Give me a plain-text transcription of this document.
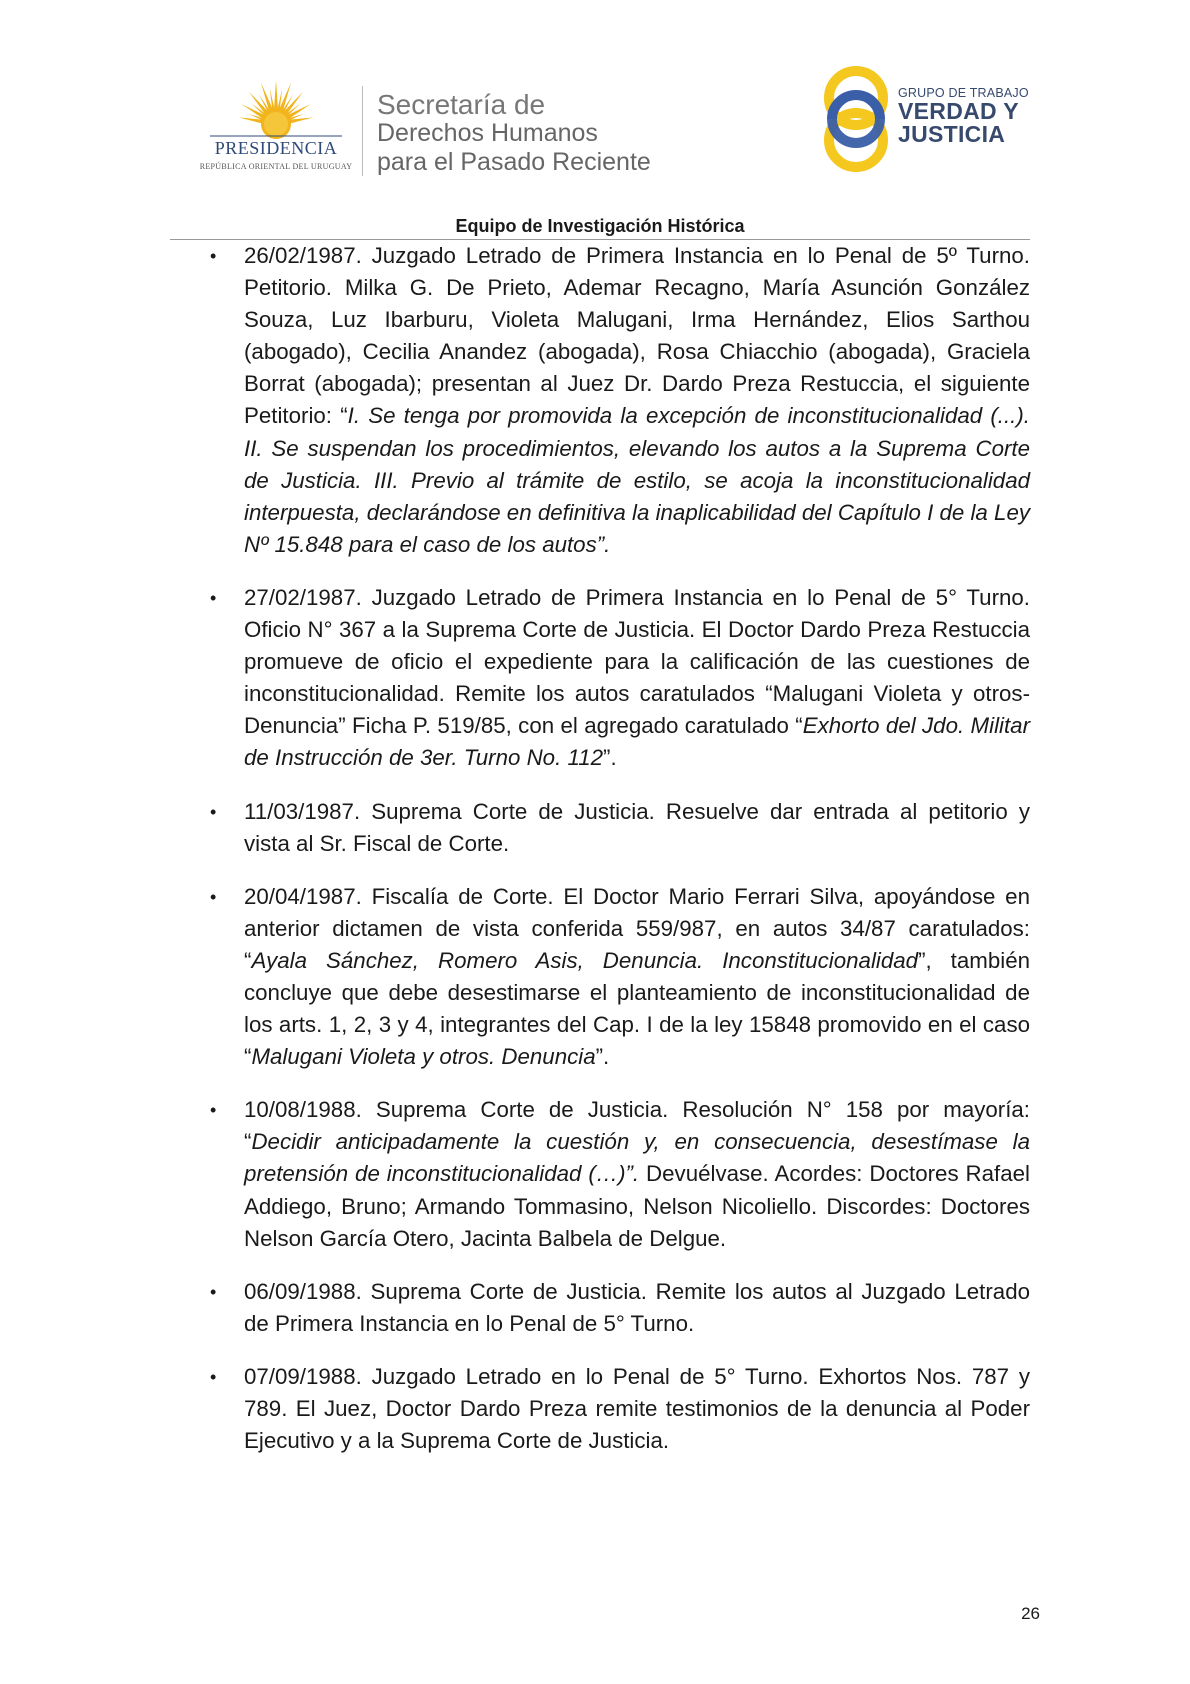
PRESIDENCIA
REPÚBLICA ORIENTAL DEL URUGUAY
Secretaría de
Derechos Humanos
para el Pasado Reciente
GRUPO DE TRABAJO
VERDAD Y
JUSTICIA
Equipo de Investigación Histórica
• 26/02/1987. Juzgado Letrado de Primera Instancia en lo Penal de 5º Turno. Petitorio. Milka G. De Prieto, Ademar Recagno, María Asunción González Souza, Luz Ibarburu, Violeta Malugani, Irma Hernández, Elios Sarthou (abogado), Cecilia Anandez (abogada), Rosa Chiacchio (abogada), Graciela Borrat (abogada); presentan al Juez Dr. Dardo Preza Restuccia, el siguiente Petitorio: “I. Se tenga por promovida la excepción de inconstitucionalidad (...). II. Se suspendan los procedimientos, elevando los autos a la Suprema Corte de Justicia. III. Previo al trámite de estilo, se acoja la inconstitucionalidad interpuesta, declarándose en definitiva la inaplicabilidad del Capítulo I de la Ley Nº 15.848 para el caso de los autos”.
• 27/02/1987. Juzgado Letrado de Primera Instancia en lo Penal de 5° Turno. Oficio N° 367 a la Suprema Corte de Justicia. El Doctor Dardo Preza Restuccia promueve de oficio el expediente para la calificación de las cuestiones de inconstitucionalidad. Remite los autos caratulados “Malugani Violeta y otros-Denuncia” Ficha P. 519/85, con el agregado caratulado “Exhorto del Jdo. Militar de Instrucción de 3er. Turno No. 112”.
• 11/03/1987. Suprema Corte de Justicia. Resuelve dar entrada al petitorio y vista al Sr. Fiscal de Corte.
• 20/04/1987. Fiscalía de Corte. El Doctor Mario Ferrari Silva, apoyándose en anterior dictamen de vista conferida 559/987, en autos 34/87 caratulados: “Ayala Sánchez, Romero Asis, Denuncia. Inconstitucionalidad”, también concluye que debe desestimarse el planteamiento de inconstitucionalidad de los arts. 1, 2, 3 y 4, integrantes del Cap. I de la ley 15848 promovido en el caso “Malugani Violeta y otros. Denuncia”.
• 10/08/1988. Suprema Corte de Justicia. Resolución N° 158 por mayoría: “Decidir anticipadamente la cuestión y, en consecuencia, desestímase la pretensión de inconstitucionalidad (…)”. Devuélvase. Acordes: Doctores Rafael Addiego, Bruno; Armando Tommasino, Nelson Nicoliello. Discordes: Doctores Nelson García Otero, Jacinta Balbela de Delgue.
• 06/09/1988. Suprema Corte de Justicia. Remite los autos al Juzgado Letrado de Primera Instancia en lo Penal de 5° Turno.
• 07/09/1988. Juzgado Letrado en lo Penal de 5° Turno. Exhortos Nos. 787 y 789. El Juez, Doctor Dardo Preza remite testimonios de la denuncia al Poder Ejecutivo y a la Suprema Corte de Justicia.
26
